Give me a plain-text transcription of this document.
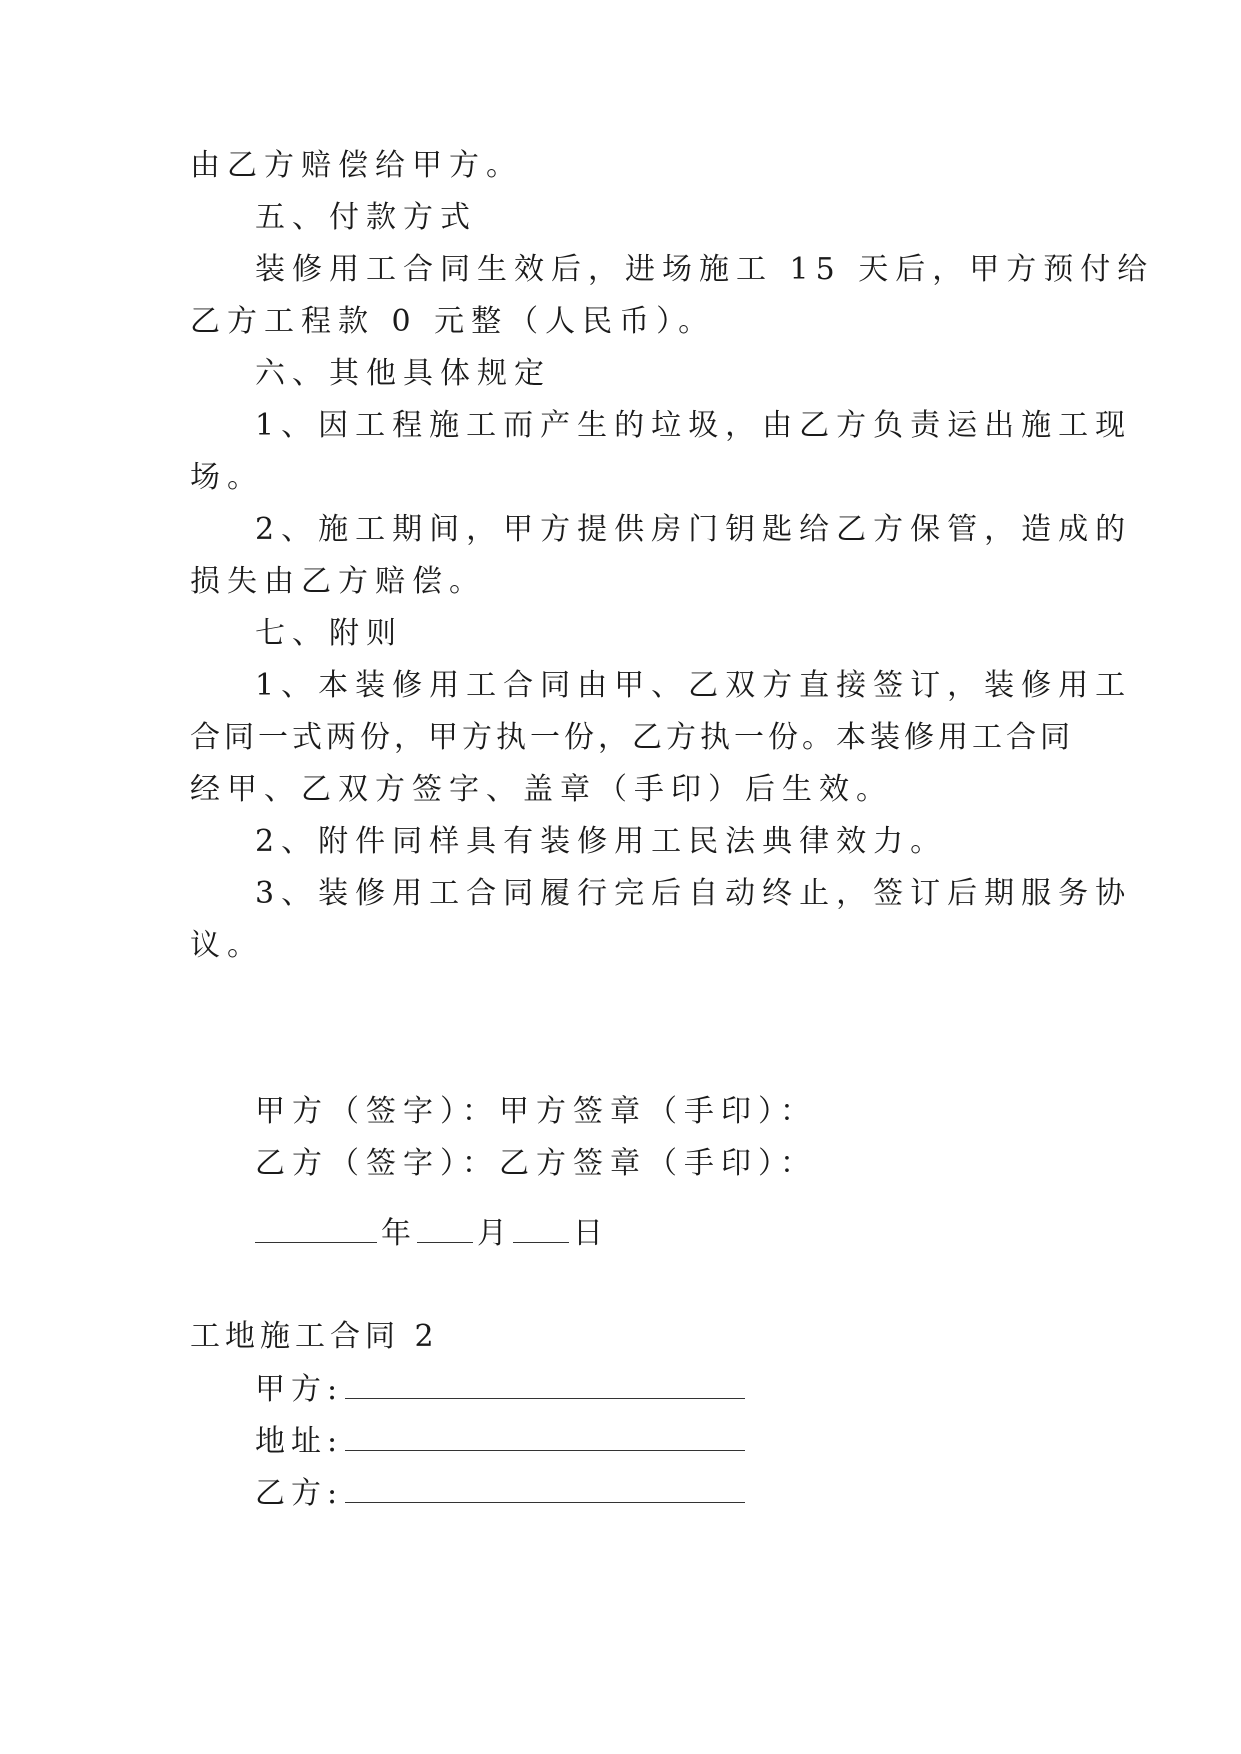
由乙方赔偿给甲方。

五、付款方式

装修用工合同生效后，进场施工 15 天后，甲方预付给

乙方工程款 0 元整（人民币）。

六、其他具体规定

1、因工程施工而产生的垃圾，由乙方负责运出施工现

场。

2、施工期间，甲方提供房门钥匙给乙方保管，造成的

损失由乙方赔偿。

七、附则

1、本装修用工合同由甲、乙双方直接签订，装修用工

合同一式两份，甲方执一份，乙方执一份。本装修用工合同

经甲、乙双方签字、盖章（手印）后生效。

2、附件同样具有装修用工民法典律效力。

3、装修用工合同履行完后自动终止，签订后期服务协

议。

甲方（签字）：甲方签章（手印）：

乙方（签字）：乙方签章（手印）：

年 月 日

工地施工合同 2

甲方:
地址:
乙方:
